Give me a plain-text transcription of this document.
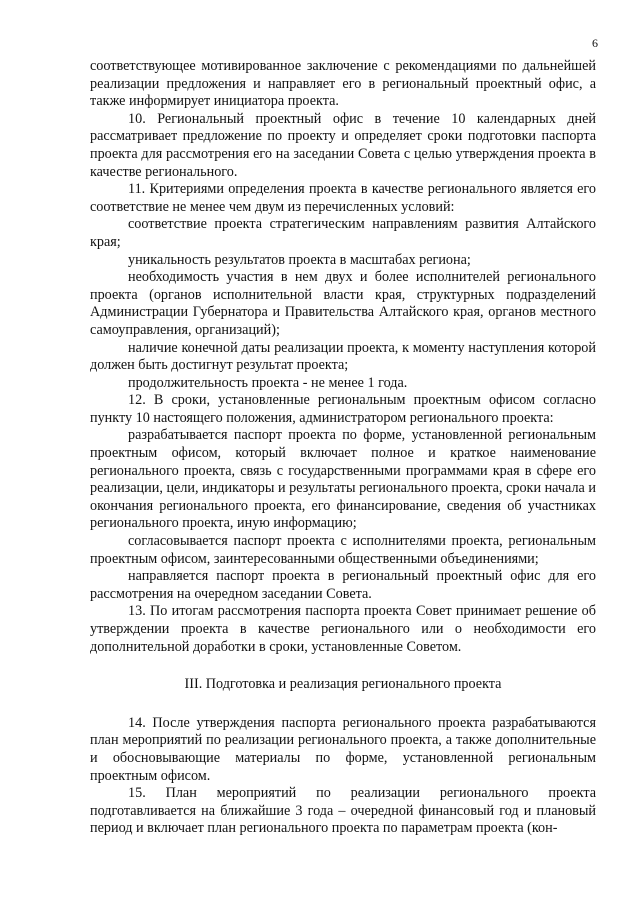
6

соответствующее мотивированное заключение с рекомендациями по дальнейшей реализации предложения и направляет его в региональный проектный офис, а также информирует инициатора проекта.

10. Региональный проектный офис в течение 10 календарных дней рассматривает предложение по проекту и определяет сроки подготовки паспорта проекта для рассмотрения его на заседании Совета с целью утверждения проекта в качестве регионального.

11. Критериями определения проекта в качестве регионального является его соответствие не менее чем двум из перечисленных условий:

соответствие проекта стратегическим направлениям развития Алтайского края;

уникальность результатов проекта в масштабах региона;

необходимость участия в нем двух и более исполнителей регионального проекта (органов исполнительной власти края, структурных подразделений Администрации Губернатора и Правительства Алтайского края, органов местного самоуправления, организаций);

наличие конечной даты реализации проекта, к моменту наступления которой должен быть достигнут результат проекта;

продолжительность проекта - не менее 1 года.

12. В сроки, установленные региональным проектным офисом согласно пункту 10 настоящего положения, администратором регионального проекта:

разрабатывается паспорт проекта по форме, установленной региональным проектным офисом, который включает полное и краткое наименование регионального проекта, связь с государственными программами края в сфере его реализации, цели, индикаторы и результаты регионального проекта, сроки начала и окончания регионального проекта, его финансирование, сведения об участниках регионального проекта, иную информацию;

согласовывается паспорт проекта с исполнителями проекта, региональным проектным офисом, заинтересованными общественными объединениями;

направляется паспорт проекта в региональный проектный офис для его рассмотрения на очередном заседании Совета.

13. По итогам рассмотрения паспорта проекта Совет принимает решение об утверждении проекта в качестве регионального или о необходимости его дополнительной доработки в сроки, установленные Советом.

III. Подготовка и реализация регионального проекта

14. После утверждения паспорта регионального проекта разрабатываются план мероприятий по реализации регионального проекта, а также дополнительные и обосновывающие материалы по форме, установленной региональным проектным офисом.

15. План мероприятий по реализации регионального проекта подготавливается на ближайшие 3 года – очередной финансовый год и плановый период и включает план регионального проекта по параметрам проекта (кон-
